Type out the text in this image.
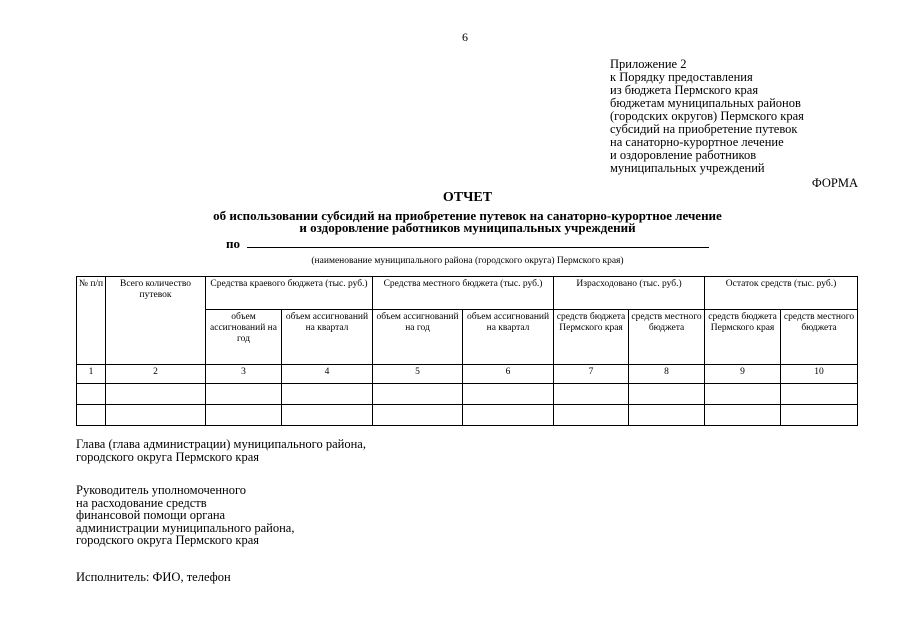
6
Приложение 2
к Порядку предоставления
из бюджета Пермского края
бюджетам муниципальных районов
(городских округов) Пермского края
субсидий на приобретение путевок
на санаторно-курортное лечение
и оздоровление работников
муниципальных учреждений
ФОРМА
ОТЧЕТ
об использовании субсидий на приобретение путевок на санаторно-курортное лечение
и оздоровление работников муниципальных учреждений
по
(наименование муниципального района (городского округа) Пермского края)
№ п/п	Всего количество путевок	Средства краевого бюджета (тыс. руб.)		Средства местного бюджета (тыс. руб.)		Израсходовано (тыс. руб.)		Остаток средств (тыс. руб.)	
		объем ассигнований на год	объем ассигнований на квартал	объем ассигнований на год	объем ассигнований на квартал	средств бюджета Пермского края	средств местного бюджета	средств бюджета Пермского края	средств местного бюджета
1	2	3	4	5	6	7	8	9	10

Глава (глава администрации) муниципального района,
городского округа Пермского края
Руководитель уполномоченного
на расходование средств
финансовой помощи органа
администрации муниципального района,
городского округа Пермского края
Исполнитель: ФИО, телефон
